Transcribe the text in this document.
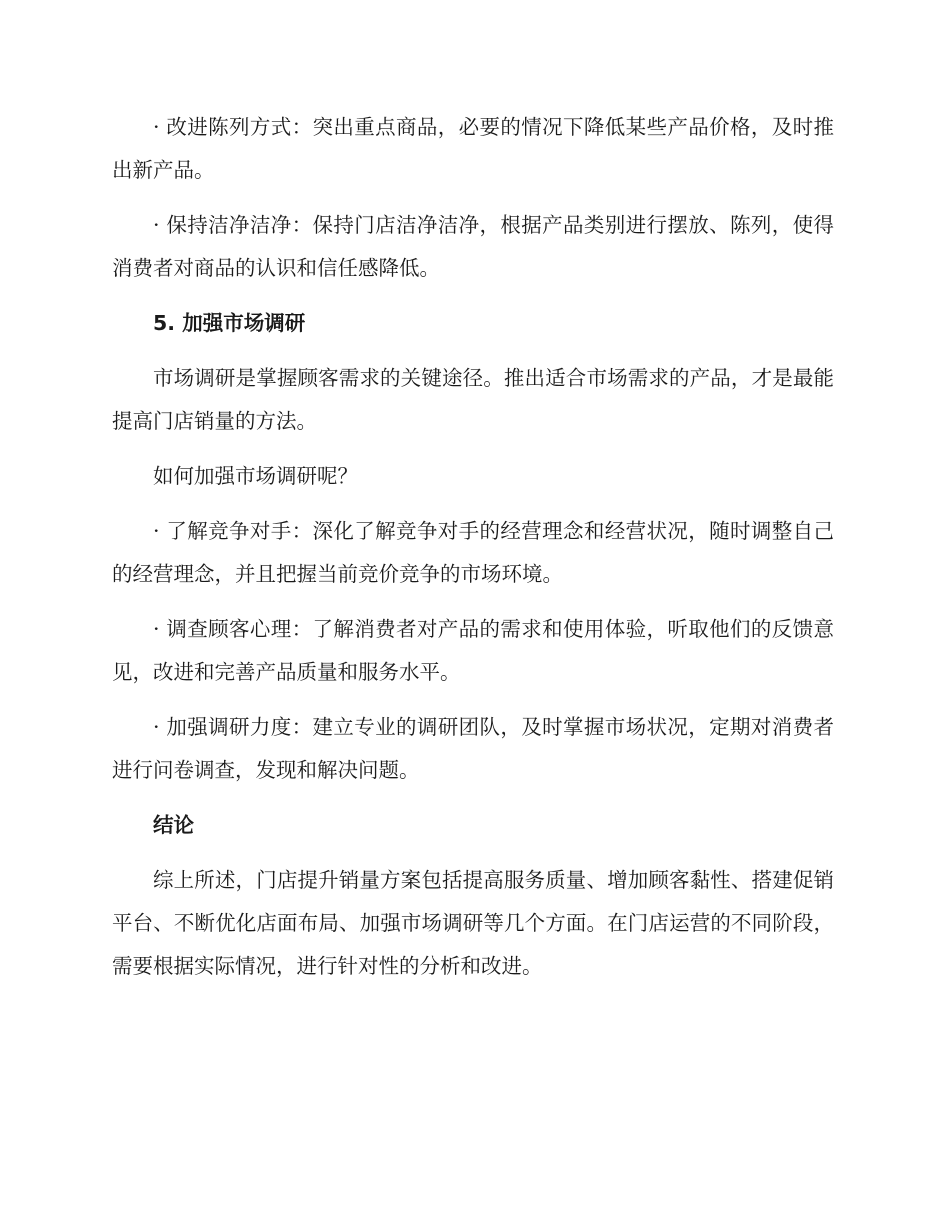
· 改进陈列方式：突出重点商品，必要的情况下降低某些产品价格，及时推出新产品。

· 保持洁净洁净：保持门店洁净洁净，根据产品类别进行摆放、陈列，使得消费者对商品的认识和信任感降低。

5. 加强市场调研

市场调研是掌握顾客需求的关键途径。推出适合市场需求的产品，才是最能提高门店销量的方法。

如何加强市场调研呢？

· 了解竞争对手：深化了解竞争对手的经营理念和经营状况，随时调整自己的经营理念，并且把握当前竞价竞争的市场环境。

· 调查顾客心理：了解消费者对产品的需求和使用体验，听取他们的反馈意见，改进和完善产品质量和服务水平。

· 加强调研力度：建立专业的调研团队，及时掌握市场状况，定期对消费者进行问卷调查，发现和解决问题。

结论

综上所述，门店提升销量方案包括提高服务质量、增加顾客黏性、搭建促销平台、不断优化店面布局、加强市场调研等几个方面。在门店运营的不同阶段，需要根据实际情况，进行针对性的分析和改进。
